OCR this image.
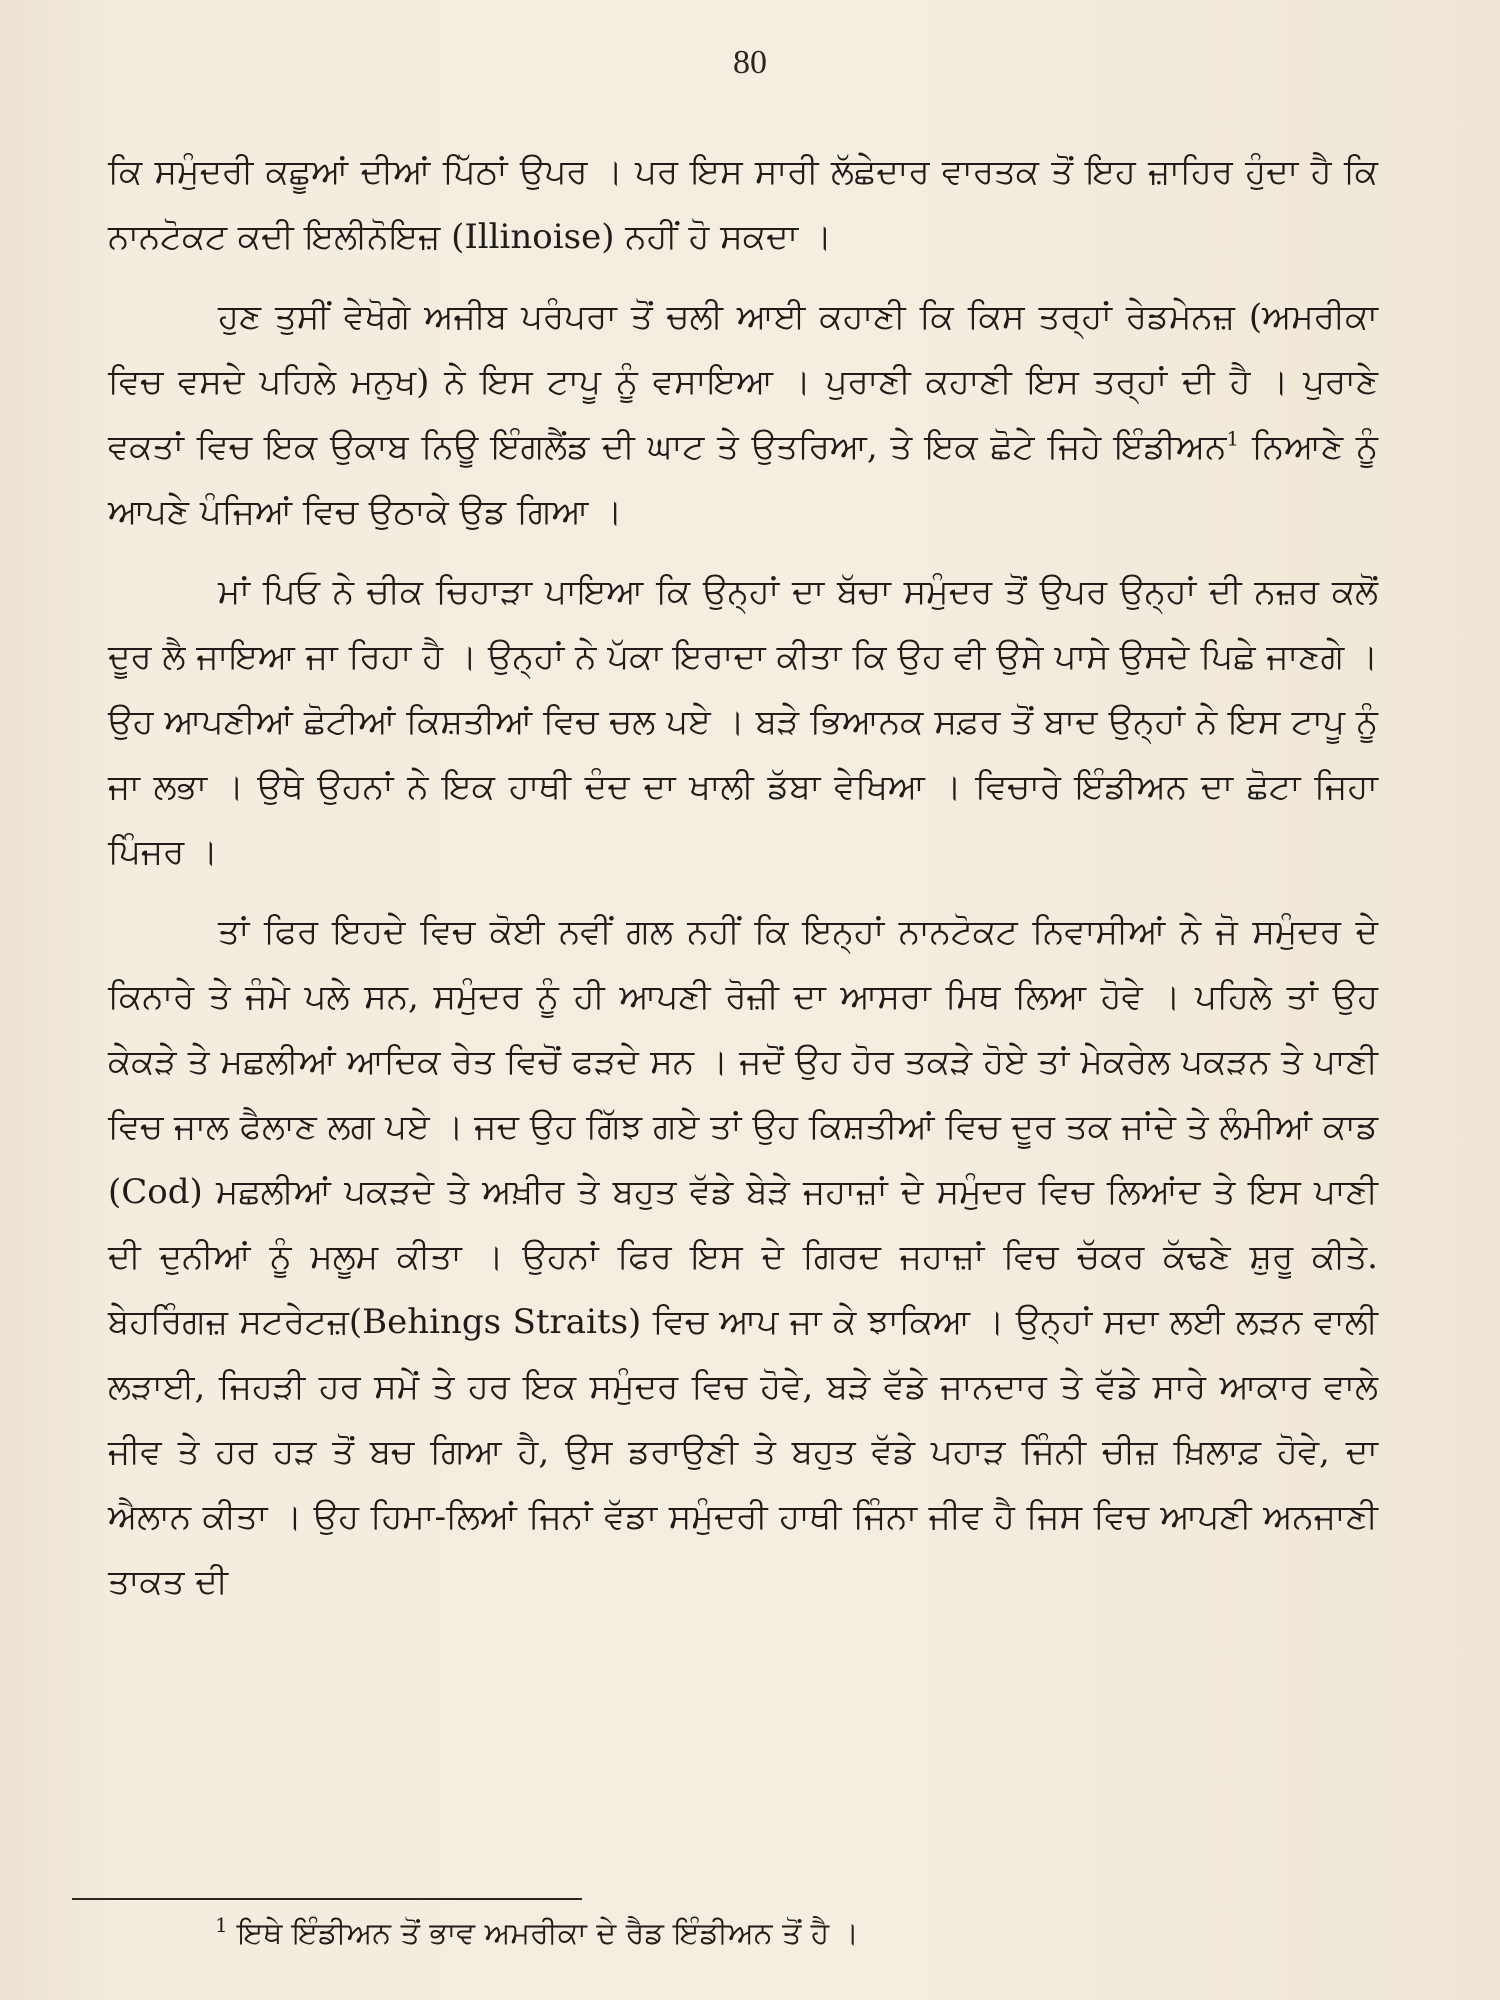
80

ਕਿ ਸਮੁੰਦਰੀ ਕਛੂਆਂ ਦੀਆਂ ਪਿੱਠਾਂ ਉਪਰ । ਪਰ ਇਸ ਸਾਰੀ ਲੱਛੇਦਾਰ ਵਾਰਤਕ ਤੋਂ ਇਹ ਜ਼ਾਹਿਰ ਹੁੰਦਾ ਹੈ ਕਿ ਨਾਨਟੋਕਟ ਕਦੀ ਇਲੀਨੋਇਜ਼ (Illinoise) ਨਹੀਂ ਹੋ ਸਕਦਾ ।

ਹੁਣ ਤੁਸੀਂ ਵੇਖੋਗੇ ਅਜੀਬ ਪਰੰਪਰਾ ਤੋਂ ਚਲੀ ਆਈ ਕਹਾਣੀ ਕਿ ਕਿਸ ਤਰ੍ਹਾਂ ਰੇਡਮੇਨਜ਼ (ਅਮਰੀਕਾ ਵਿਚ ਵਸਦੇ ਪਹਿਲੇ ਮਨੁਖ) ਨੇ ਇਸ ਟਾਪੂ ਨੂੰ ਵਸਾਇਆ । ਪੁਰਾਣੀ ਕਹਾਣੀ ਇਸ ਤਰ੍ਹਾਂ ਦੀ ਹੈ । ਪੁਰਾਣੇ ਵਕਤਾਂ ਵਿਚ ਇਕ ਉਕਾਬ ਨਿਊ ਇੰਗਲੈਂਡ ਦੀ ਘਾਟ ਤੇ ਉਤਰਿਆ, ਤੇ ਇਕ ਛੋਟੇ ਜਿਹੇ ਇੰਡੀਅਨ$^1$ ਨਿਆਣੇ ਨੂੰ ਆਪਣੇ ਪੰਜਿਆਂ ਵਿਚ ਉਠਾਕੇ ਉਡ ਗਿਆ ।

ਮਾਂ ਪਿਓ ਨੇ ਚੀਕ ਚਿਹਾੜਾ ਪਾਇਆ ਕਿ ਉਨ੍ਹਾਂ ਦਾ ਬੱਚਾ ਸਮੁੰਦਰ ਤੋਂ ਉਪਰ ਉਨ੍ਹਾਂ ਦੀ ਨਜ਼ਰ ਕਲੋਂ ਦੂਰ ਲੈ ਜਾਇਆ ਜਾ ਰਿਹਾ ਹੈ । ਉਨ੍ਹਾਂ ਨੇ ਪੱਕਾ ਇਰਾਦਾ ਕੀਤਾ ਕਿ ਉਹ ਵੀ ਉਸੇ ਪਾਸੇ ਉਸਦੇ ਪਿਛੇ ਜਾਣਗੇ । ਉਹ ਆਪਣੀਆਂ ਛੋਟੀਆਂ ਕਿਸ਼ਤੀਆਂ ਵਿਚ ਚਲ ਪਏ । ਬੜੇ ਭਿਆਨਕ ਸਫ਼ਰ ਤੋਂ ਬਾਦ ਉਨ੍ਹਾਂ ਨੇ ਇਸ ਟਾਪੂ ਨੂੰ ਜਾ ਲਭਾ । ਉਥੇ ਉਹਨਾਂ ਨੇ ਇਕ ਹਾਥੀ ਦੰਦ ਦਾ ਖਾਲੀ ਡੱਬਾ ਵੇਖਿਆ । ਵਿਚਾਰੇ ਇੰਡੀਅਨ ਦਾ ਛੋਟਾ ਜਿਹਾ ਪਿੰਜਰ ।

ਤਾਂ ਫਿਰ ਇਹਦੇ ਵਿਚ ਕੋਈ ਨਵੀਂ ਗਲ ਨਹੀਂ ਕਿ ਇਨ੍ਹਾਂ ਨਾਨਟੋਕਟ ਨਿਵਾਸੀਆਂ ਨੇ ਜੋ ਸਮੁੰਦਰ ਦੇ ਕਿਨਾਰੇ ਤੇ ਜੰਮੇ ਪਲੇ ਸਨ, ਸਮੁੰਦਰ ਨੂੰ ਹੀ ਆਪਣੀ ਰੋਜ਼ੀ ਦਾ ਆਸਰਾ ਮਿਥ ਲਿਆ ਹੋਵੇ । ਪਹਿਲੇ ਤਾਂ ਉਹ ਕੇਕੜੇ ਤੇ ਮਛਲੀਆਂ ਆਦਿਕ ਰੇਤ ਵਿਚੋਂ ਫੜਦੇ ਸਨ । ਜਦੋਂ ਉਹ ਹੋਰ ਤਕੜੇ ਹੋਏ ਤਾਂ ਮੇਕਰੇਲ ਪਕੜਨ ਤੇ ਪਾਣੀ ਵਿਚ ਜਾਲ ਫੈਲਾਣ ਲਗ ਪਏ । ਜਦ ਉਹ ਗਿੱਝ ਗਏ ਤਾਂ ਉਹ ਕਿਸ਼ਤੀਆਂ ਵਿਚ ਦੂਰ ਤਕ ਜਾਂਦੇ ਤੇ ਲੰਮੀਆਂ ਕਾਡ (Cod) ਮਛਲੀਆਂ ਪਕੜਦੇ ਤੇ ਅਖ਼ੀਰ ਤੇ ਬਹੁਤ ਵੱਡੇ ਬੇੜੇ ਜਹਾਜ਼ਾਂ ਦੇ ਸਮੁੰਦਰ ਵਿਚ ਲਿਆਂਦ ਤੇ ਇਸ ਪਾਣੀ ਦੀ ਦੁਨੀਆਂ ਨੂੰ ਮਲੂਮ ਕੀਤਾ । ਉਹਨਾਂ ਫਿਰ ਇਸ ਦੇ ਗਿਰਦ ਜਹਾਜ਼ਾਂ ਵਿਚ ਚੱਕਰ ਕੱਢਣੇ ਸ਼ੁਰੂ ਕੀਤੇ. ਬੇਹਰਿੰਗਜ਼ ਸਟਰੇਟਜ਼(Behings Straits) ਵਿਚ ਆਪ ਜਾ ਕੇ ਝਾਕਿਆ । ਉਨ੍ਹਾਂ ਸਦਾ ਲਈ ਲੜਨ ਵਾਲੀ ਲੜਾਈ, ਜਿਹੜੀ ਹਰ ਸਮੇਂ ਤੇ ਹਰ ਇਕ ਸਮੁੰਦਰ ਵਿਚ ਹੋਵੇ, ਬੜੇ ਵੱਡੇ ਜਾਨਦਾਰ ਤੇ ਵੱਡੇ ਸਾਰੇ ਆਕਾਰ ਵਾਲੇ ਜੀਵ ਤੇ ਹਰ ਹੜ ਤੋਂ ਬਚ ਗਿਆ ਹੈ, ਉਸ ਡਰਾਉਣੀ ਤੇ ਬਹੁਤ ਵੱਡੇ ਪਹਾੜ ਜਿੰਨੀ ਚੀਜ਼ ਖ਼ਿਲਾਫ਼ ਹੋਵੇ, ਦਾ ਐਲਾਨ ਕੀਤਾ । ਉਹ ਹਿਮਾ-ਲਿਆਂ ਜਿਨਾਂ ਵੱਡਾ ਸਮੁੰਦਰੀ ਹਾਥੀ ਜਿੰਨਾ ਜੀਵ ਹੈ ਜਿਸ ਵਿਚ ਆਪਣੀ ਅਨਜਾਣੀ ਤਾਕਤ ਦੀ

$^1$ ਇਥੇ ਇੰਡੀਅਨ ਤੋਂ ਭਾਵ ਅਮਰੀਕਾ ਦੇ ਰੈਡ ਇੰਡੀਅਨ ਤੋਂ ਹੈ ।
